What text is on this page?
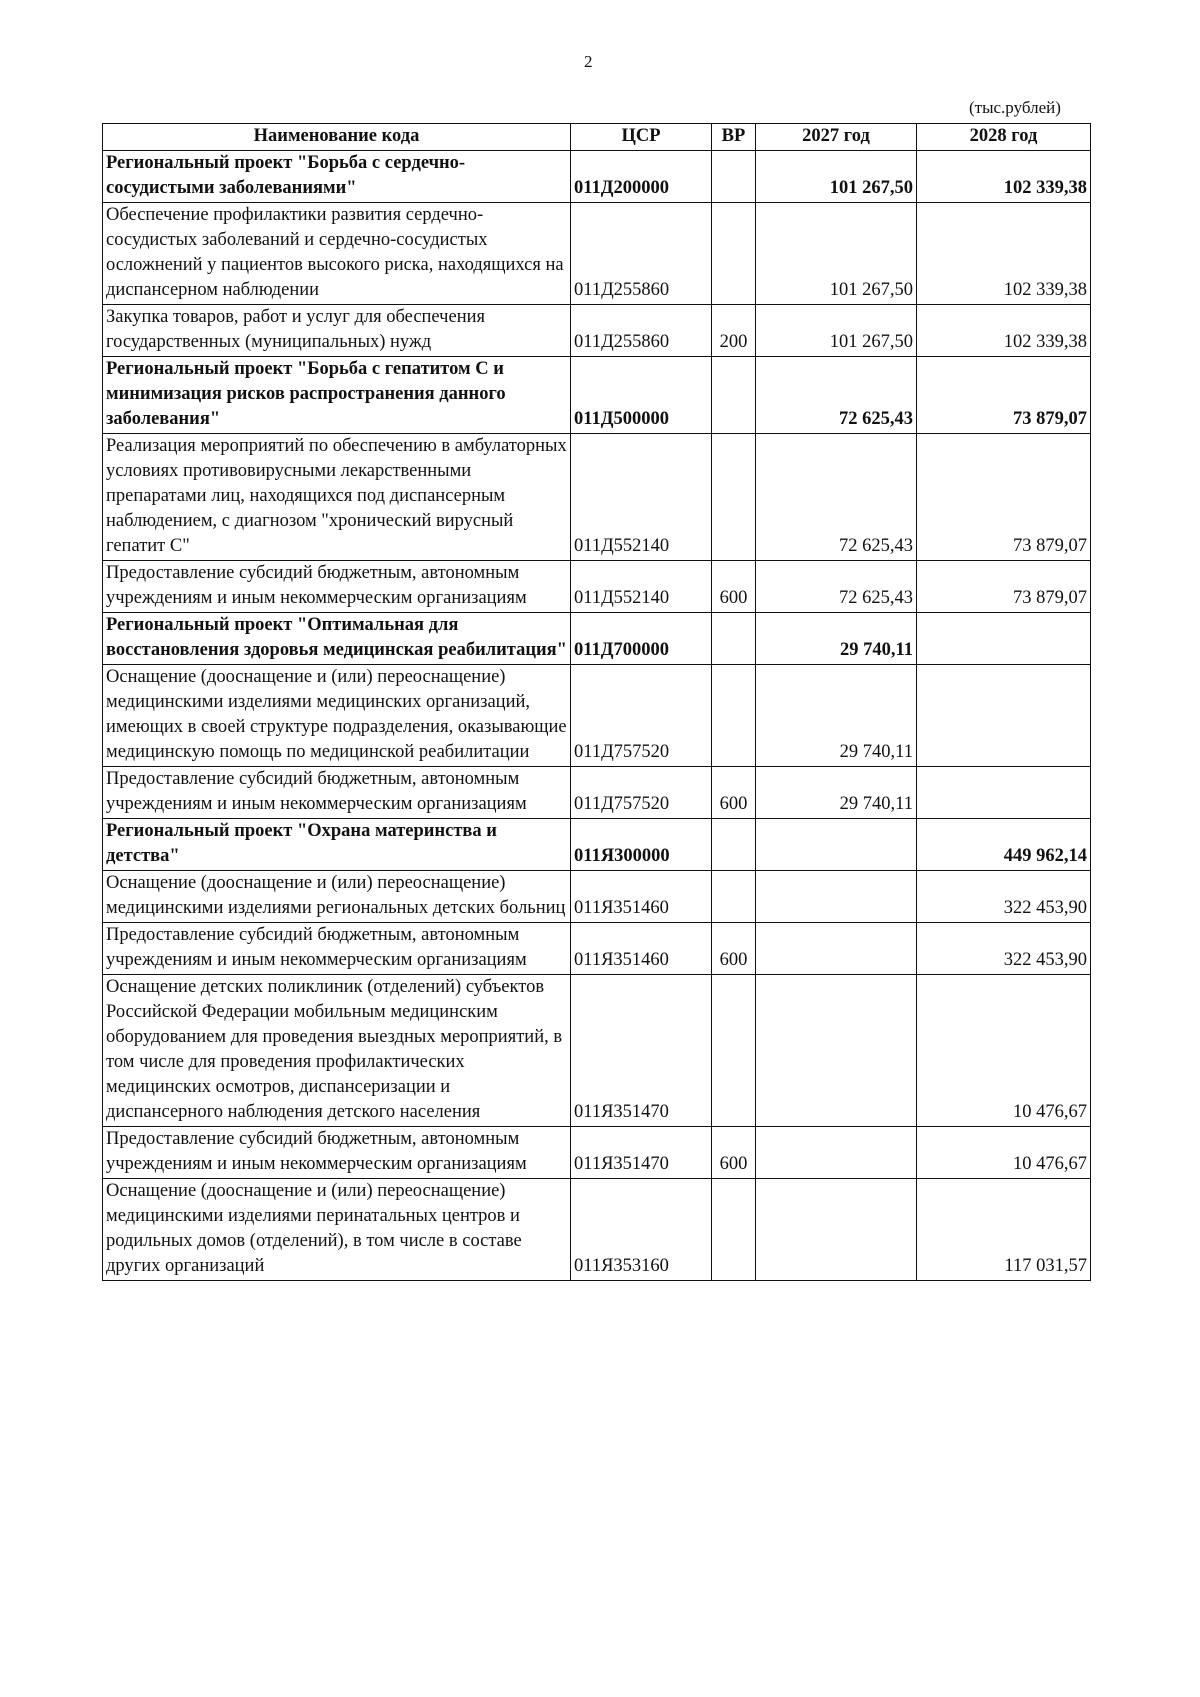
2
(тыс.рублей)
Наименование кода	ЦСР	ВР	2027 год	2028 год
Региональный проект "Борьба с сердечно-сосудистыми заболеваниями"	011Д200000		101 267,50	102 339,38
Обеспечение профилактики развития сердечно-сосудистых заболеваний и сердечно-сосудистых осложнений у пациентов высокого риска, находящихся на диспансерном наблюдении	011Д255860		101 267,50	102 339,38
Закупка товаров, работ и услуг для обеспечения государственных (муниципальных) нужд	011Д255860	200	101 267,50	102 339,38
Региональный проект "Борьба с гепатитом С и минимизация рисков распространения данного заболевания"	011Д500000		72 625,43	73 879,07
Реализация мероприятий по обеспечению в амбулаторных условиях противовирусными лекарственными препаратами лиц, находящихся под диспансерным наблюдением, с диагнозом "хронический вирусный гепатит С"	011Д552140		72 625,43	73 879,07
Предоставление субсидий бюджетным, автономным учреждениям и иным некоммерческим организациям	011Д552140	600	72 625,43	73 879,07
Региональный проект "Оптимальная для восстановления здоровья медицинская реабилитация"	011Д700000		29 740,11	
Оснащение (дооснащение и (или) переоснащение) медицинскими изделиями медицинских организаций, имеющих в своей структуре подразделения, оказывающие медицинскую помощь по медицинской реабилитации	011Д757520		29 740,11	
Предоставление субсидий бюджетным, автономным учреждениям и иным некоммерческим организациям	011Д757520	600	29 740,11	
Региональный проект "Охрана материнства и детства"	011Я300000			449 962,14
Оснащение (дооснащение и (или) переоснащение) медицинскими изделиями региональных детских больниц	011Я351460			322 453,90
Предоставление субсидий бюджетным, автономным учреждениям и иным некоммерческим организациям	011Я351460	600		322 453,90
Оснащение детских поликлиник (отделений) субъектов Российской Федерации мобильным медицинским оборудованием для проведения выездных мероприятий, в том числе для проведения профилактических медицинских осмотров, диспансеризации и диспансерного наблюдения детского населения	011Я351470			10 476,67
Предоставление субсидий бюджетным, автономным учреждениям и иным некоммерческим организациям	011Я351470	600		10 476,67
Оснащение (дооснащение и (или) переоснащение) медицинскими изделиями перинатальных центров и родильных домов (отделений), в том числе в составе других организаций	011Я353160			117 031,57
